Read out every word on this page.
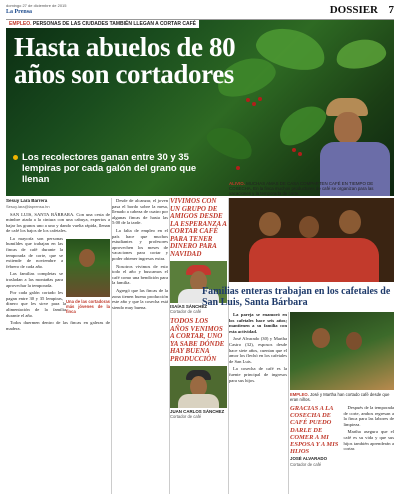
domingo 27 de diciembre de 2015
La Prensa	DOSSIER 7
EMPLEO. PERSONAS DE LAS CIUDADES TAMBIÉN LLEGAN A CORTAR CAFÉ
Hasta abuelos de 80 años son cortadores
Los recolectores ganan entre 30 y 35 lempiras por cada galón del grano que llenan	ALIVIO. MUCHAS AMAS DE CASA COMPARTEN CAFÉ EN TIEMPO DE COSECHA. En la finca muchos productores de café se organizan para las vacaciones y la temporada de corte.
Sesuy Lara Barrera
Sesuy.lara@laprensa.hn

SAN LUIS, SANTA BÁRBARA. Con una cesta de mimbre atada a la cintura con una cabuya, expertos a bajar los granos uno a uno y dando vuelta rápida, llenan de café los bajos de los cafetales.

Una de las cortadoras más jóvenes de la finca

La mayoría son personas humildes que trabajan en las fincas de café durante la temporada de corte, que se extiende de noviembre a febrero de cada año.

Las familias completas se trasladan a las montañas para aprovechar la temporada.

Por cada galón cortado les pagan entre 30 y 35 lempiras, dinero que les sirve para la alimentación de la familia durante el año.

Todos duermen dentro de las fincas en galeras de madera.

Desde de alcanzar, el joven pasa el bordo sobre la mesa, llenado a cabeza de cuatro por algunas fincas de hasta las 5:00 de la tarde.

La falta de empleo en el país hace que muchos estudiantes y profesores aprovechen los meses de vacaciones para cortar y poder obtener ingresos extra.

Nosotros vivimos de esto todo el año y buscamos el café como una bendición para la familia.

Agregó que las fincas de la zona tienen buena producción este año y que la cosecha está siendo muy buena.

VIVIMOS CON UN GRUPO DE AMIGOS DESDE LA ESPERANZA A CORTAR CAFÉ PARA TENER DINERO PARA NAVIDAD
ISAÍAS SÁNCHEZ
Cortador de café
TODOS LOS AÑOS VENIMOS A CORTAR, UNO YA SABE DÓNDE HAY BUENA PRODUCCIÓN
JUAN CARLOS SÁNCHEZ
Cortador de café
Familias enteras trabajan en los cafetales de San Luis, Santa Bárbara

La pareja se enamoró en los cafetales hace seis años; mantienen a su familia con esta actividad.

José Alvarado (30) y Martha Castro (32), esposos desde hace siete años, cuentan que el amor los flechó en los cafetales de San Luis.

La cosecha de café es la fuente principal de ingresos para sus hijos.

EMPLEO. José y Martha han cortado café desde que eran niños.
GRACIAS A LA COSECHA DE CAFÉ PUEDO DARLE DE COMER A MI ESPOSA Y A MIS HIJOS
JOSÉ ALVARADO
Cortador de café

Después de la temporada de corte, ambos regresan a la finca para las labores de limpieza.

Martha asegura que el café es su vida y que sus hijos también aprenderán a cortar.
